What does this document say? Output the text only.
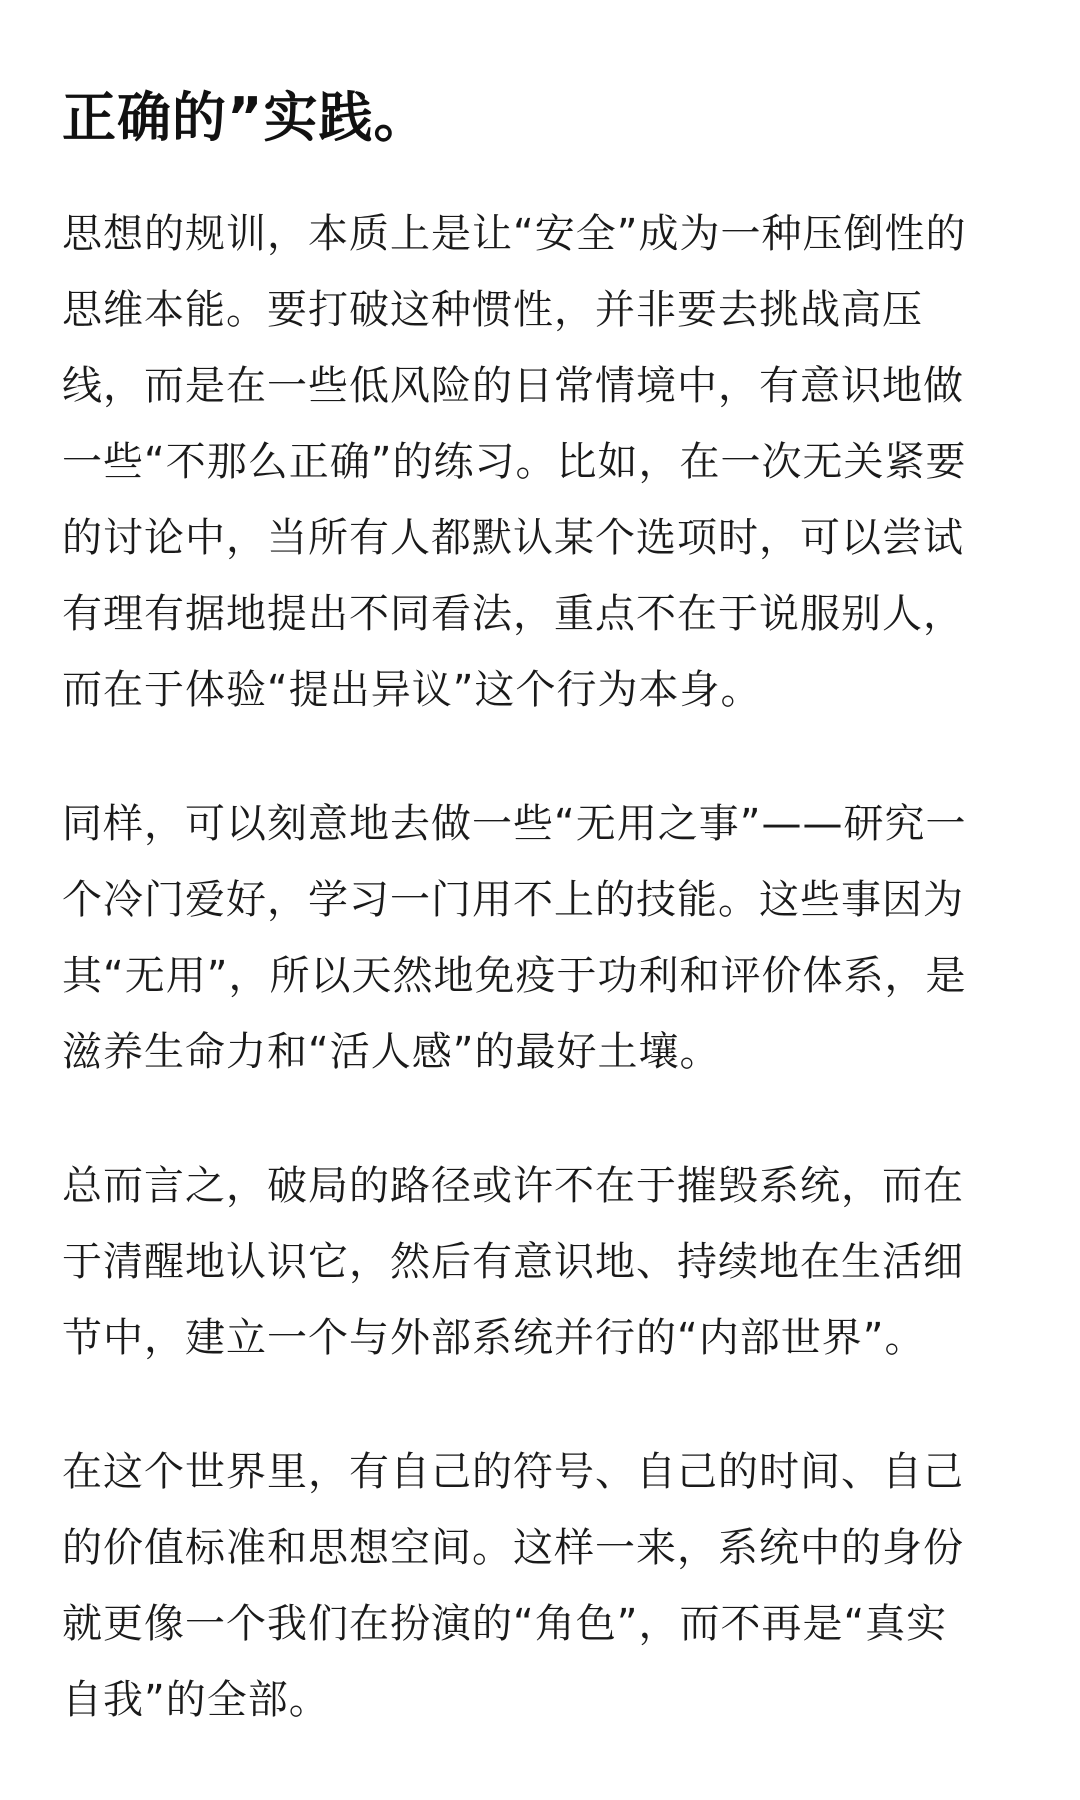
正确的”实践。

思想的规训，本质上是让“安全”成为一种压倒性的
思维本能。要打破这种惯性，并非要去挑战高压
线，而是在一些低风险的日常情境中，有意识地做
一些“不那么正确”的练习。比如，在一次无关紧要
的讨论中，当所有人都默认某个选项时，可以尝试
有理有据地提出不同看法，重点不在于说服别人，
而在于体验“提出异议”这个行为本身。

同样，可以刻意地去做一些“无用之事”——研究一
个冷门爱好，学习一门用不上的技能。这些事因为
其“无用”，所以天然地免疫于功利和评价体系，是
滋养生命力和“活人感”的最好土壤。

总而言之，破局的路径或许不在于摧毁系统，而在
于清醒地认识它，然后有意识地、持续地在生活细
节中，建立一个与外部系统并行的“内部世界”。

在这个世界里，有自己的符号、自己的时间、自己
的价值标准和思想空间。这样一来，系统中的身份
就更像一个我们在扮演的“角色”，而不再是“真实
自我”的全部。
